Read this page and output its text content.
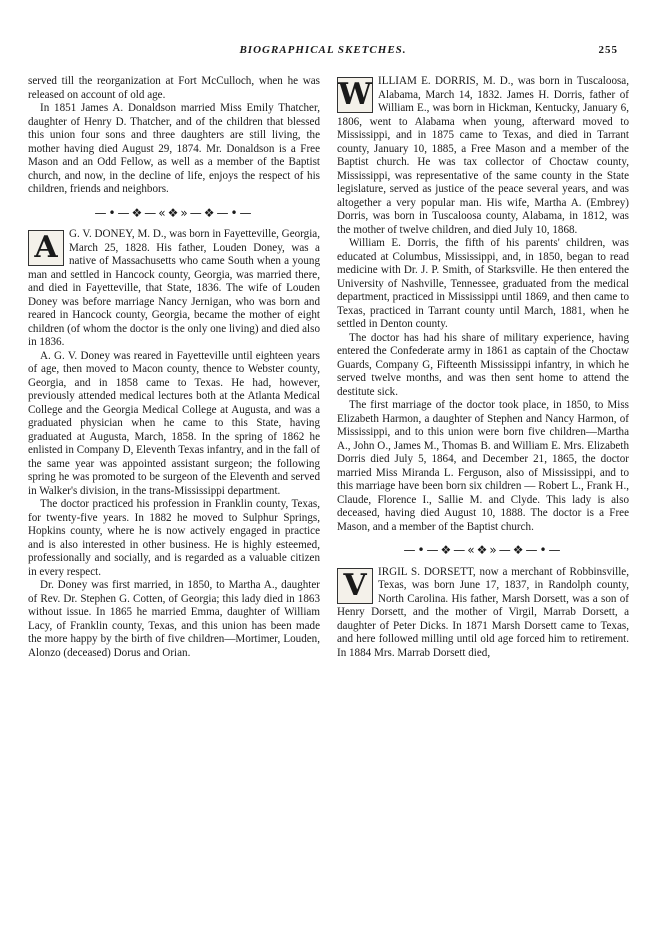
BIOGRAPHICAL SKETCHES.	255

served till the reorganization at Fort McCulloch, when he was released on account of old age.

In 1851 James A. Donaldson married Miss Emily Thatcher, daughter of Henry D. Thatcher, and of the children that blessed this union four sons and three daughters are still living, the mother having died August 29, 1874. Mr. Donaldson is a Free Mason and an Odd Fellow, as well as a member of the Baptist church, and now, in the decline of life, enjoys the respect of his children, friends and neighbors.

—•—❖—«❖»—❖—•—

A	G. V. DONEY, M. D., was born in Fayetteville, Georgia, March 25, 1828. His father, Louden Doney, was a native of Massachusetts who came South when a young man and settled in Hancock county, Georgia, was married there, and died in Fayetteville, that State, 1836. The wife of Louden Doney was before marriage Nancy Jernigan, who was born and reared in Hancock county, Georgia, became the mother of eight children (of whom the doctor is the only one living) and died also in 1836.

A. G. V. Doney was reared in Fayetteville until eighteen years of age, then moved to Macon county, thence to Webster county, Georgia, and in 1858 came to Texas. He had, however, previously attended medical lectures both at the Atlanta Medical College and the Georgia Medical College at Augusta, and was a graduated physician when he came to this State, having graduated at Augusta, March, 1858. In the spring of 1862 he enlisted in Company D, Eleventh Texas infantry, and in the fall of the same year was appointed assistant surgeon; the following spring he was promoted to be surgeon of the Eleventh and served in Walker's division, in the trans-Mississippi department.

The doctor practiced his profession in Franklin county, Texas, for twenty-five years. In 1882 he moved to Sulphur Springs, Hopkins county, where he is now actively engaged in practice and is also interested in other business. He is highly esteemed, professionally and socially, and is regarded as a valuable citizen in every respect.

Dr. Doney was first married, in 1850, to Martha A., daughter of Rev. Dr. Stephen G. Cotten, of Georgia; this lady died in 1863 without issue. In 1865 he married Emma, daughter of William Lacy, of Franklin county, Texas, and this union has been made the more happy by the birth of five children—Mortimer, Louden, Alonzo (deceased) Dorus and Orian.

W ILLIAM E. DORRIS, M. D., was born in Tuscaloosa, Alabama, March 14, 1832. James H. Dorris, father of William E., was born in Hickman, Kentucky, January 6, 1806, went to Alabama when young, afterward moved to Mississippi, and in 1875 came to Texas, and died in Tarrant county, January 10, 1885, a Free Mason and a member of the Baptist church. He was tax collector of Choctaw county, Mississippi, was representative of the same county in the State legislature, served as justice of the peace several years, and was altogether a very popular man. His wife, Martha A. (Embrey) Dorris, was born in Tuscaloosa county, Alabama, in 1812, was the mother of twelve children, and died July 10, 1868.

William E. Dorris, the fifth of his parents' children, was educated at Columbus, Mississippi, and, in 1850, began to read medicine with Dr. J. P. Smith, of Starksville. He then entered the University of Nashville, Tennessee, graduated from the medical department, practiced in Mississippi until 1869, and then came to Texas, practiced in Tarrant county until March, 1881, when he settled in Denton county.

The doctor has had his share of military experience, having entered the Confederate army in 1861 as captain of the Choctaw Guards, Company G, Fifteenth Mississippi infantry, in which he served twelve months, and was then sent home to attend the destitute sick.

The first marriage of the doctor took place, in 1850, to Miss Elizabeth Harmon, a daughter of Stephen and Nancy Harmon, of Mississippi, and to this union were born five children—Martha A., John O., James M., Thomas B. and William E. Mrs. Elizabeth Dorris died July 5, 1864, and December 21, 1865, the doctor married Miss Miranda L. Ferguson, also of Mississippi, and to this marriage have been born six children — Robert L., Frank H., Claude, Florence I., Sallie M. and Clyde. This lady is also deceased, having died August 10, 1888. The doctor is a Free Mason, and a member of the Baptist church.

—•—❖—«❖»—❖—•—

V	IRGIL S. DORSETT, now a merchant of Robbinsville, Texas, was born June 17, 1837, in Randolph county, North Carolina. His father, Marsh Dorsett, was a son of Henry Dorsett, and the mother of Virgil, Marrab Dorsett, a daughter of Peter Dicks. In 1871 Marsh Dorsett came to Texas, and here followed milling until old age forced him to retirement. In 1884 Mrs. Marrab Dorsett died,
